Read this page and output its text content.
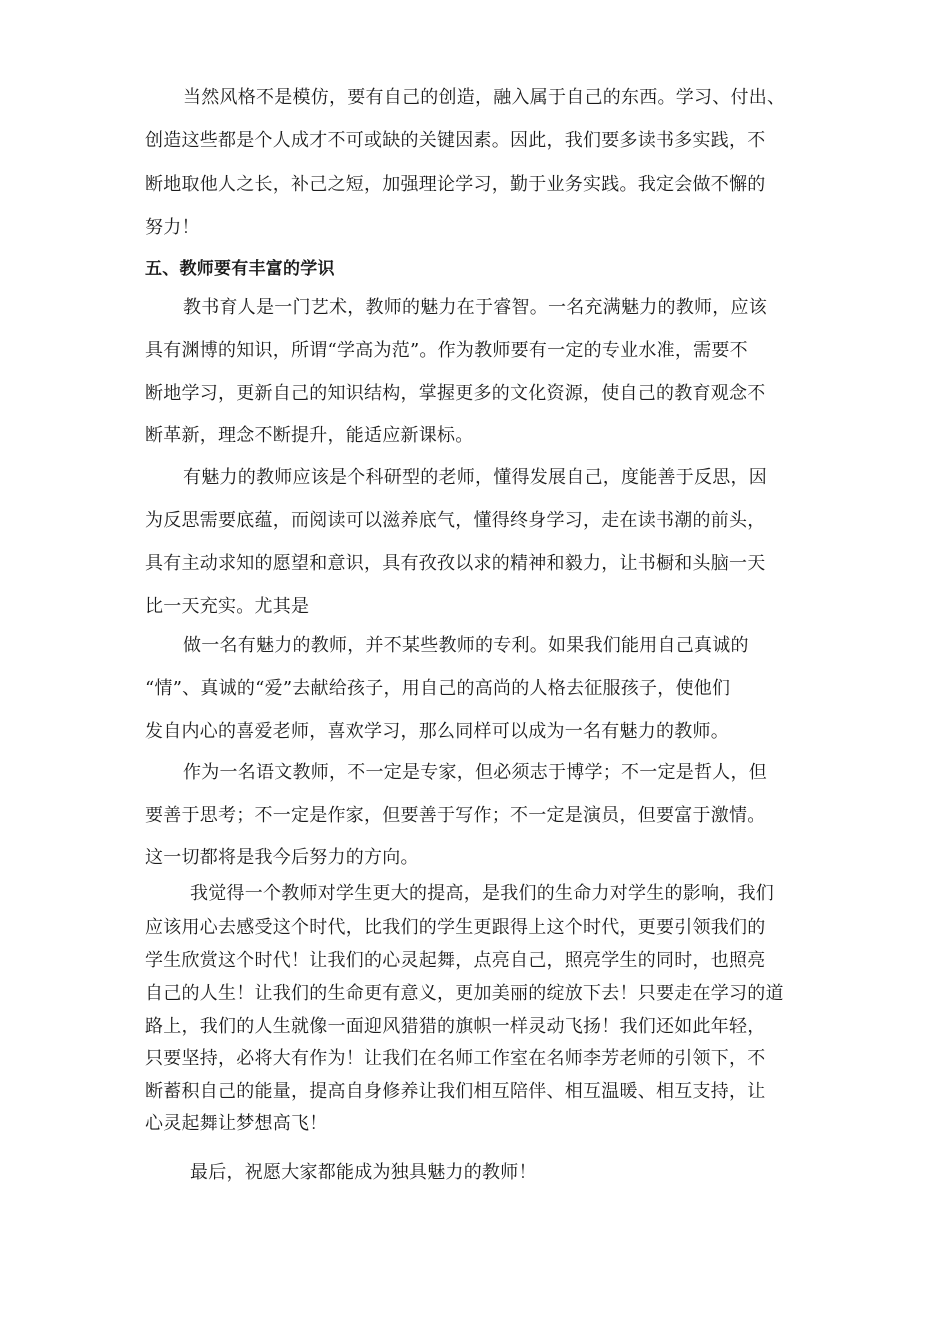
当然风格不是模仿，要有自己的创造，融入属于自己的东西。学习、付出、
创造这些都是个人成才不可或缺的关键因素。因此，我们要多读书多实践，不
断地取他人之长，补己之短，加强理论学习，勤于业务实践。我定会做不懈的
努力！
五、教师要有丰富的学识
教书育人是一门艺术，教师的魅力在于睿智。一名充满魅力的教师，应该
具有渊博的知识，所谓“学高为范”。作为教师要有一定的专业水准，需要不
断地学习，更新自己的知识结构，掌握更多的文化资源，使自己的教育观念不
断革新，理念不断提升，能适应新课标。
有魅力的教师应该是个科研型的老师，懂得发展自己，度能善于反思，因
为反思需要底蕴，而阅读可以滋养底气，懂得终身学习，走在读书潮的前头，
具有主动求知的愿望和意识，具有孜孜以求的精神和毅力，让书橱和头脑一天
比一天充实。尤其是
做一名有魅力的教师，并不某些教师的专利。如果我们能用自己真诚的
“情”、真诚的“爱”去献给孩子，用自己的高尚的人格去征服孩子，使他们
发自内心的喜爱老师，喜欢学习，那么同样可以成为一名有魅力的教师。
作为一名语文教师，不一定是专家，但必须志于博学；不一定是哲人，但
要善于思考；不一定是作家，但要善于写作；不一定是演员，但要富于激情。
这一切都将是我今后努力的方向。
我觉得一个教师对学生更大的提高，是我们的生命力对学生的影响，我们
应该用心去感受这个时代，比我们的学生更跟得上这个时代，更要引领我们的
学生欣赏这个时代！让我们的心灵起舞，点亮自己，照亮学生的同时，也照亮
自己的人生！让我们的生命更有意义，更加美丽的绽放下去！只要走在学习的道
路上，我们的人生就像一面迎风猎猎的旗帜一样灵动飞扬！我们还如此年轻，
只要坚持，必将大有作为！让我们在名师工作室在名师李芳老师的引领下，不
断蓄积自己的能量，提高自身修养让我们相互陪伴、相互温暖、相互支持，让
心灵起舞让梦想高飞！
最后，祝愿大家都能成为独具魅力的教师！
